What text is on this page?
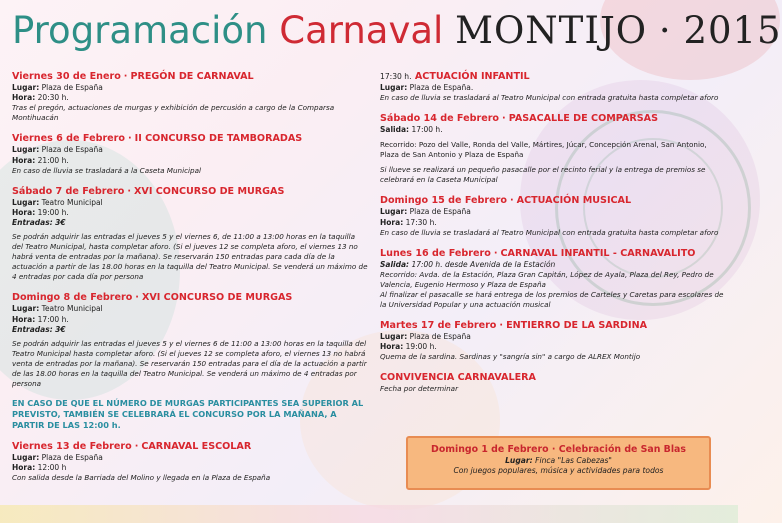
Programación Carnaval MONTIJO · 2015
Viernes 30 de Enero · PREGÓN DE CARNAVAL
Lugar: Plaza de España
Hora: 20:30 h.
Tras el pregón, actuaciones de murgas y exhibición de percusión a cargo de la Comparsa Montihuacán
Viernes 6 de Febrero · II CONCURSO DE TAMBORADAS
Lugar: Plaza de España
Hora: 21:00 h.
En caso de lluvia se trasladará a la Caseta Municipal
Sábado 7 de Febrero · XVI CONCURSO DE MURGAS
Lugar: Teatro Municipal
Hora: 19:00 h.
Entradas: 3€
Se podrán adquirir las entradas el jueves 5 y el viernes 6, de 11:00 a 13:00 horas en la taquilla del Teatro Municipal, hasta completar aforo. (Si el jueves 12 se completa aforo, el viernes 13 no habrá venta de entradas por la mañana). Se reservarán 150 entradas para cada día de la actuación a partir de las 18.00 horas en la taquilla del Teatro Municipal. Se venderá un máximo de 4 entradas por cada día por persona
Domingo 8 de Febrero · XVI CONCURSO DE MURGAS
Lugar: Teatro Municipal
Hora: 17:00 h.
Entradas: 3€
Se podrán adquirir las entradas el jueves 5 y el viernes 6 de 11:00 a 13:00 horas en la taquilla del Teatro Municipal hasta completar aforo. (Si el jueves 12 se completa aforo, el viernes 13 no habrá venta de entradas por la mañana). Se reservarán 150 entradas para el día de la actuación a partir de las 18.00 horas en la taquilla del Teatro Municipal. Se venderá un máximo de 4 entradas por persona
EN CASO DE QUE EL NÚMERO DE MURGAS PARTICIPANTES SEA SUPERIOR AL PREVISTO, TAMBIÉN SE CELEBRARÁ EL CONCURSO POR LA MAÑANA, A PARTIR DE LAS 12:00 h.
Viernes 13 de Febrero · CARNAVAL ESCOLAR
Lugar: Plaza de España
Hora: 12:00 h
Con salida desde la Barriada del Molino y llegada en la Plaza de España
17:30 h. ACTUACIÓN INFANTIL
Lugar: Plaza de España.
En caso de lluvia se trasladará al Teatro Municipal con entrada gratuita hasta completar aforo
Sábado 14 de Febrero · PASACALLE DE COMPARSAS
Salida: 17:00 h.
Recorrido: Pozo del Valle, Ronda del Valle, Mártires, Júcar, Concepción Arenal, San Antonio, Plaza de San Antonio y Plaza de España
Si llueve se realizará un pequeño pasacalle por el recinto ferial y la entrega de premios se celebrará en la Caseta Municipal
Domingo 15 de Febrero · ACTUACIÓN MUSICAL
Lugar: Plaza de España
Hora: 17:30 h.
En caso de lluvia se trasladará al Teatro Municipal con entrada gratuita hasta completar aforo
Lunes 16 de Febrero · CARNAVAL INFANTIL - CARNAVALITO
Salida: 17:00 h. desde Avenida de la Estación
Recorrido: Avda. de la Estación, Plaza Gran Capitán, López de Ayala, Plaza del Rey, Pedro de Valencia, Eugenio Hermoso y Plaza de España
Al finalizar el pasacalle se hará entrega de los premios de Carteles y Caretas para escolares de la Universidad Popular y una actuación musical
Martes 17 de Febrero · ENTIERRO DE LA SARDINA
Lugar: Plaza de España
Hora: 19:00 h.
Quema de la sardina. Sardinas y "sangría sin" a cargo de ALREX Montijo
CONVIVENCIA CARNAVALERA
Fecha por determinar
Domingo 1 de Febrero · Celebración de San Blas
Lugar: Finca "Las Cabezas"
Con juegos populares, música y actividades para todos
